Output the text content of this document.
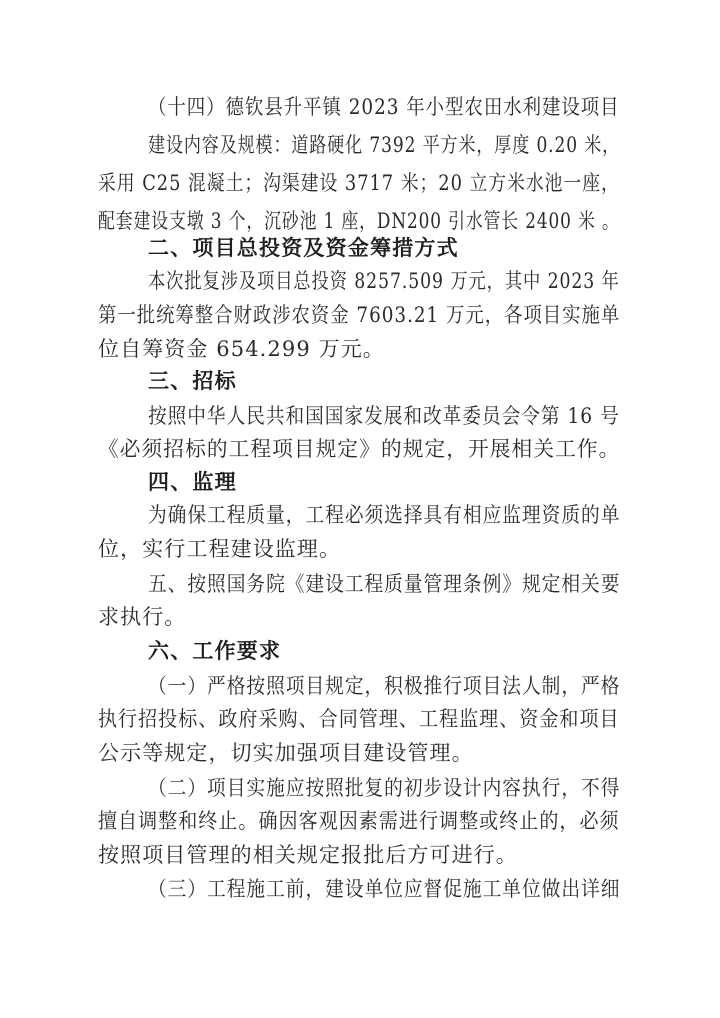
（十四）德钦县升平镇 2023 年小型农田水利建设项目
建设内容及规模：道路硬化 7392 平方米，厚度 0.20 米，
采用 C25 混凝土；沟渠建设 3717 米；20 立方米水池一座，
配套建设支墩 3 个，沉砂池 1 座，DN200 引水管长 2400 米 。
二、项目总投资及资金筹措方式
本次批复涉及项目总投资 8257.509 万元，其中 2023 年
第一批统筹整合财政涉农资金 7603.21 万元，各项目实施单
位自筹资金 654.299 万元。
三、招标
按照中华人民共和国国家发展和改革委员会令第 16 号
《必须招标的工程项目规定》的规定，开展相关工作。
四、监理
为确保工程质量，工程必须选择具有相应监理资质的单
位，实行工程建设监理。
五、按照国务院《建设工程质量管理条例》规定相关要
求执行。
六、工作要求
（一）严格按照项目规定，积极推行项目法人制，严格
执行招投标、政府采购、合同管理、工程监理、资金和项目
公示等规定，切实加强项目建设管理。
（二）项目实施应按照批复的初步设计内容执行，不得
擅自调整和终止。确因客观因素需进行调整或终止的，必须
按照项目管理的相关规定报批后方可进行。
（三）工程施工前，建设单位应督促施工单位做出详细
